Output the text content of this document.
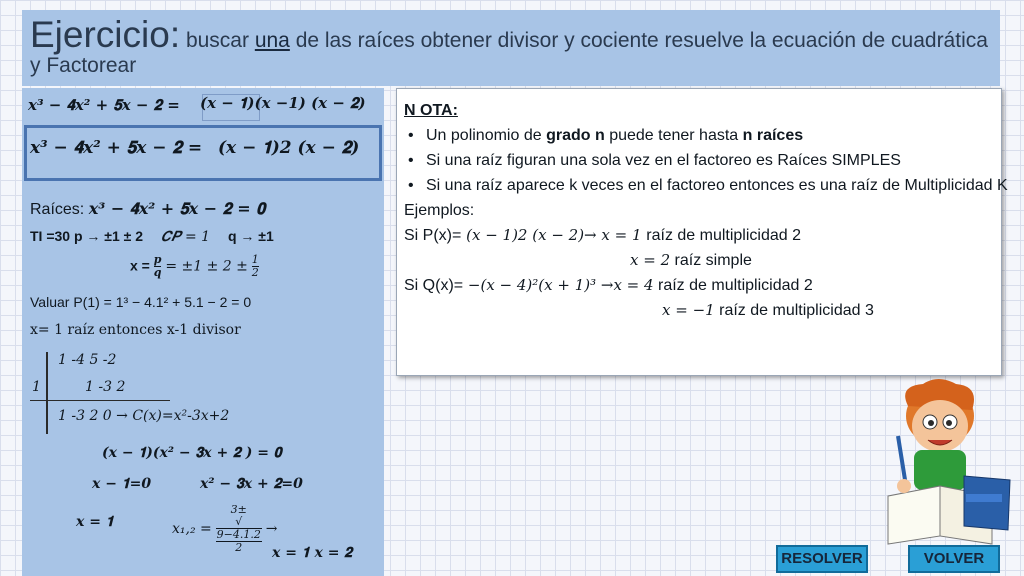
Ejercicio: buscar una de las raíces obtener divisor y cociente resuelve la ecuación de cuadrática y Factorear
𝒙³ − 𝟒𝒙² + 𝟓𝒙 − 𝟐 = (𝒙 − 𝟏)(𝒙 −1) (𝒙 − 𝟐)
𝒙³ − 𝟒𝒙² + 𝟓𝒙 − 𝟐 = (𝒙 − 𝟏)2 (𝒙 − 𝟐)
Raíces: 𝒙³ − 𝟒𝒙² + 𝟓𝒙 − 𝟐 = 𝟎
TI =30 p → ±1 ± 2 𝑪𝑷 = 1 q → ±1
$x = \frac{\text{𝒑}}{\text{𝒒}} = \pm 1 \pm 2 \pm \frac{1}{2}$
Valuar P(1) = 1³ − 4.1² + 5.1 − 2 = 0
x= 1 raíz entonces x-1 divisor
1 -4 5 -2
1	1 -3 2
1 -3 2 0 → C(x)=x²-3x+2
(𝒙 − 𝟏)(𝒙² − 𝟑𝒙 + 𝟐 ) = 𝟎
𝒙 − 𝟏=0	𝒙² − 𝟑𝒙 + 𝟐=0
𝒙 = 𝟏	𝑥₁,₂ = 3±
√
9−4.1.2
2 →
𝒙 = 𝟏 𝒙 = 𝟐
N OTA:
• Un polinomio de grado n puede tener hasta n raíces
• Si una raíz figuran una sola vez en el factoreo es Raíces SIMPLES
• Si una raíz aparece k veces en el factoreo entonces es una raíz de Multiplicidad K
Ejemplos:
Si P(x)= (𝑥 − 1)2 (𝑥 − 2)→ 𝑥 = 1 raíz de multiplicidad 2
𝑥 = 2 raíz simple
Si Q(x)= −(𝑥 − 4)²(𝑥 + 1)³ →𝑥 = 4 raíz de multiplicidad 2
𝑥 = −1 raíz de multiplicidad 3
RESOLVER	VOLVER
